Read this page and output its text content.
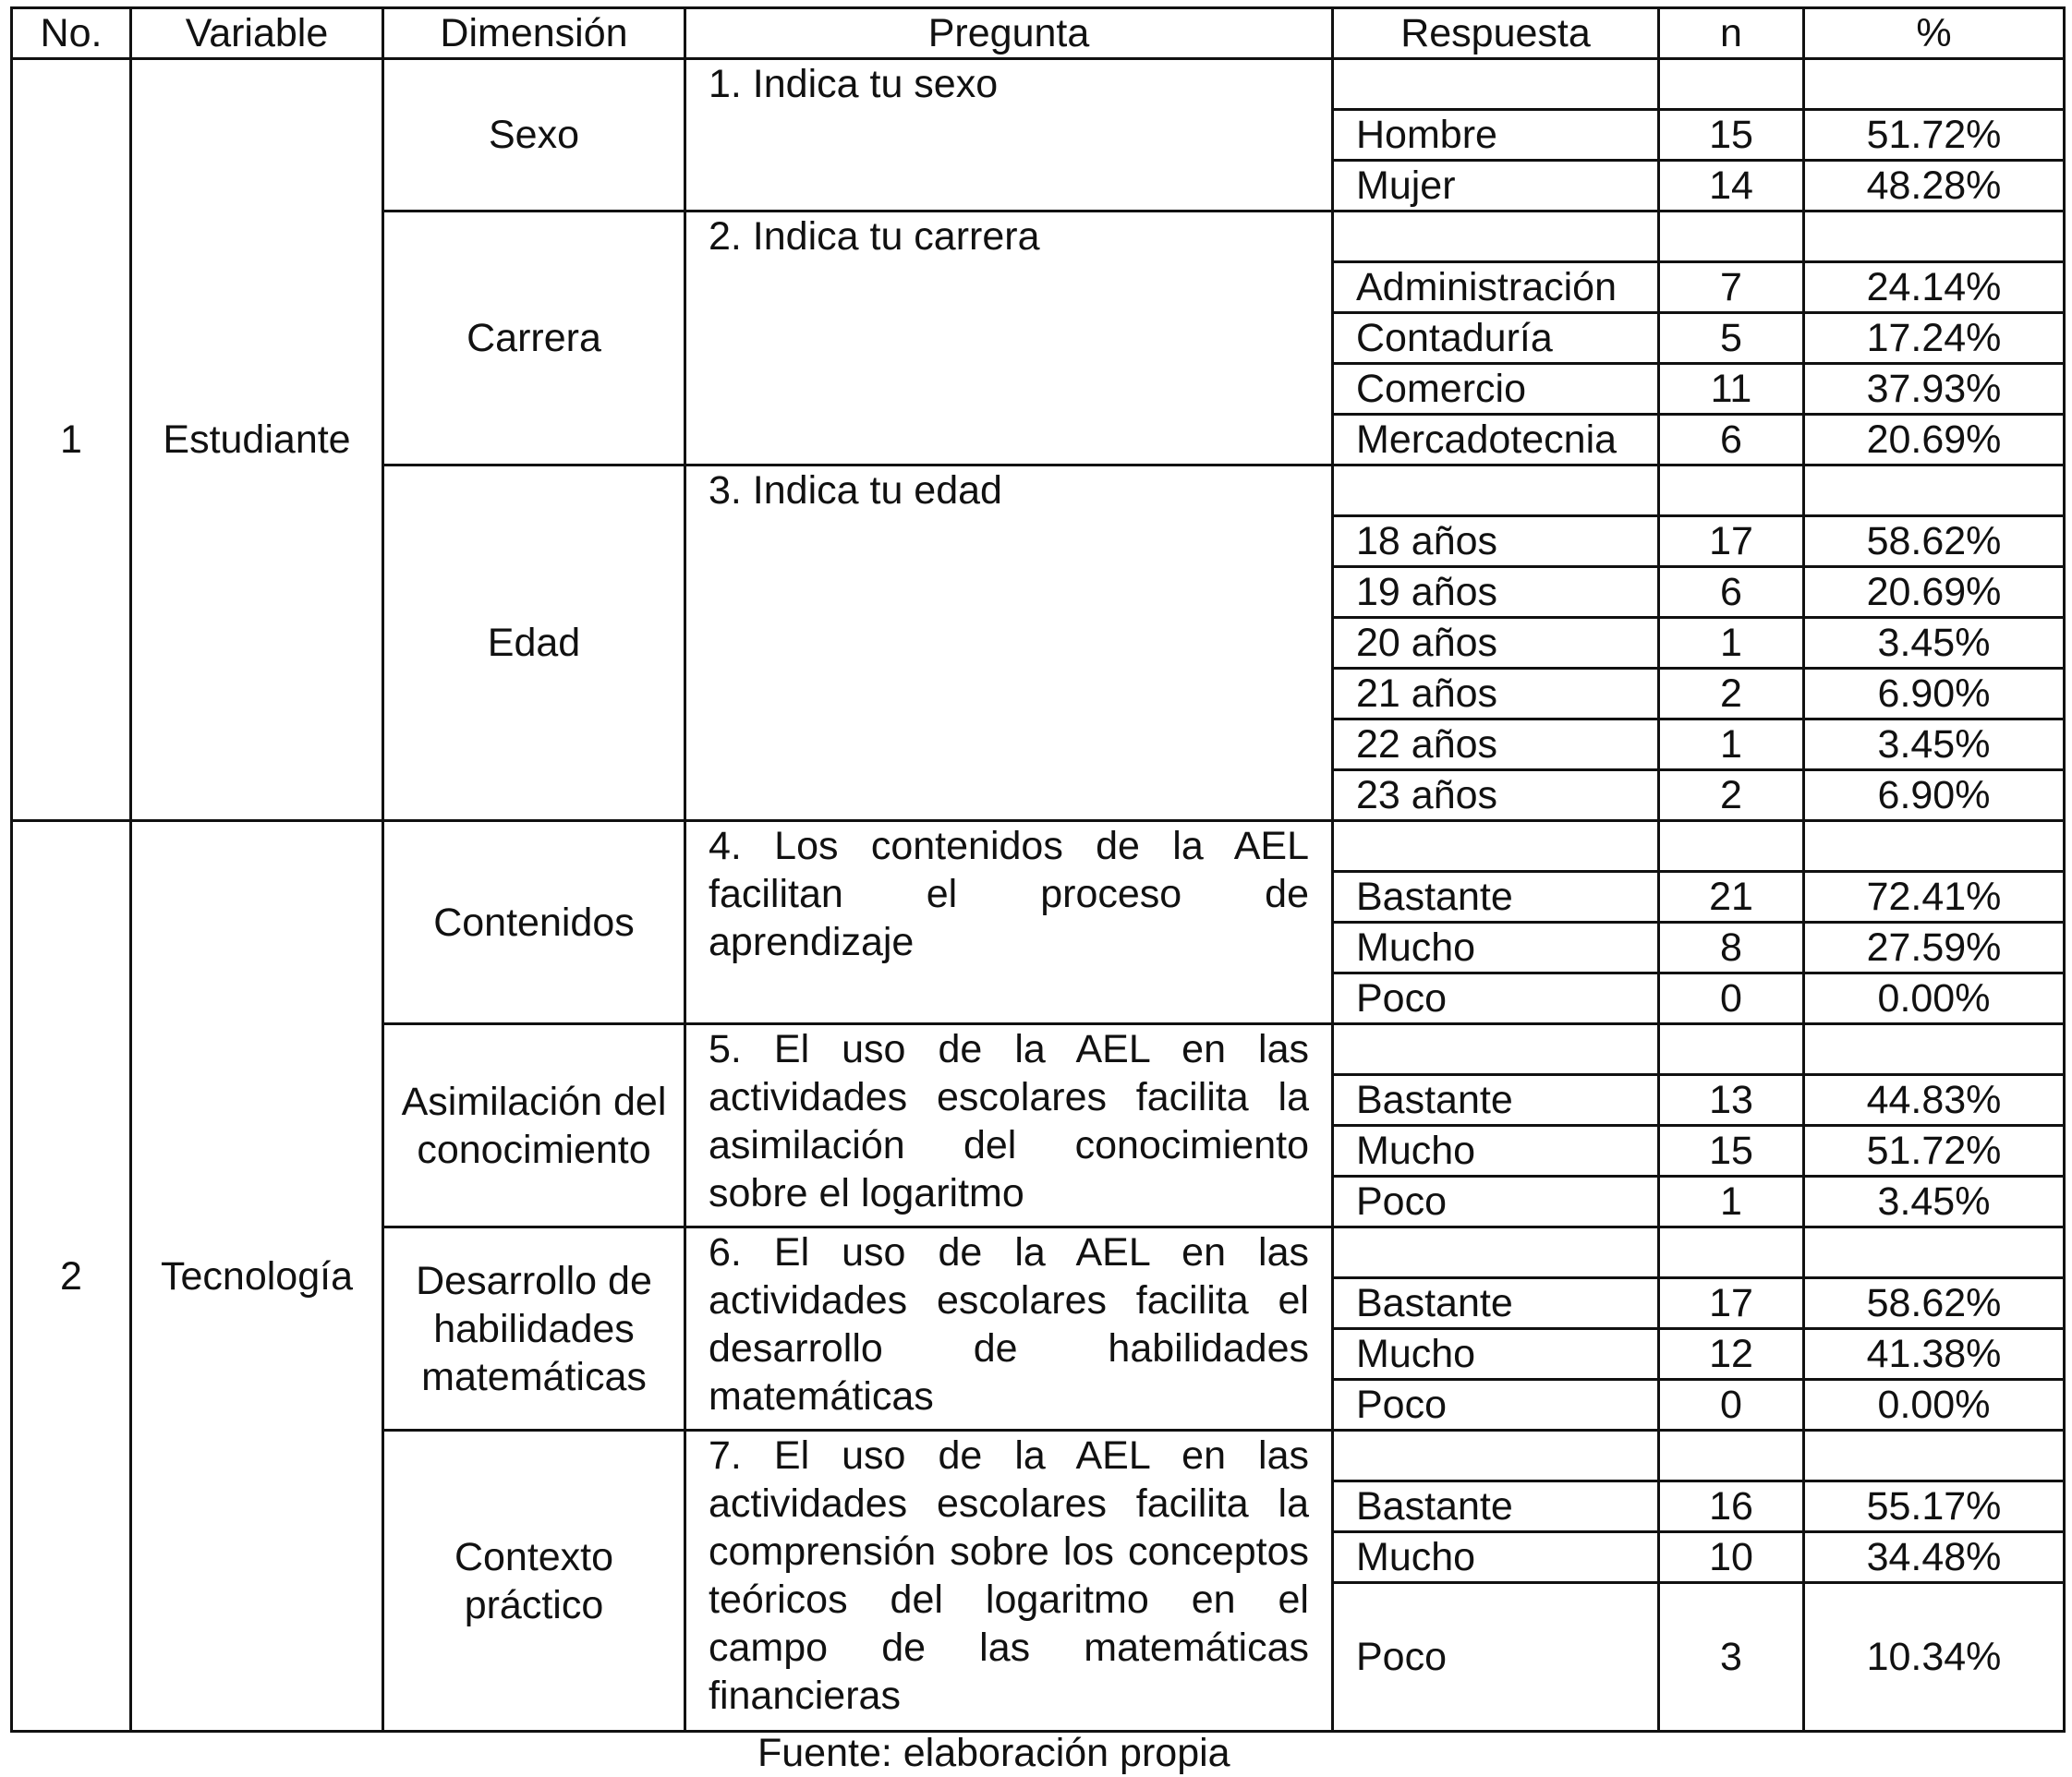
No.	Variable	Dimensión	Pregunta	Respuesta	n	%
1	Estudiante	Sexo	1. Indica tu sexo			
				Hombre	15	51.72%
				Mujer	14	48.28%
		Carrera	2. Indica tu carrera			
				Administración	7	24.14%
				Contaduría	5	17.24%
				Comercio	11	37.93%
				Mercadotecnia	6	20.69%
		Edad	3. Indica tu edad			
				18 años	17	58.62%
				19 años	6	20.69%
				20 años	1	3.45%
				21 años	2	6.90%
				22 años	1	3.45%
				23 años	2	6.90%
2	Tecnología	Contenidos	4. Los contenidos de la AEL facilitan el proceso de aprendizaje			
				Bastante	21	72.41%
				Mucho	8	27.59%
				Poco	0	0.00%
		Asimilación del conocimiento	5. El uso de la AEL en las actividades escolares facilita la asimilación del conocimiento sobre el logaritmo			
				Bastante	13	44.83%
				Mucho	15	51.72%
				Poco	1	3.45%
		Desarrollo de habilidades matemáticas	6. El uso de la AEL en las actividades escolares facilita el desarrollo de habilidades matemáticas			
				Bastante	17	58.62%
				Mucho	12	41.38%
				Poco	0	0.00%
		Contexto práctico	7. El uso de la AEL en las actividades escolares facilita la comprensión sobre los conceptos teóricos del logaritmo en el campo de las matemáticas financieras			
				Bastante	16	55.17%
				Mucho	10	34.48%
				Poco	3	10.34%

Fuente: elaboración propia
